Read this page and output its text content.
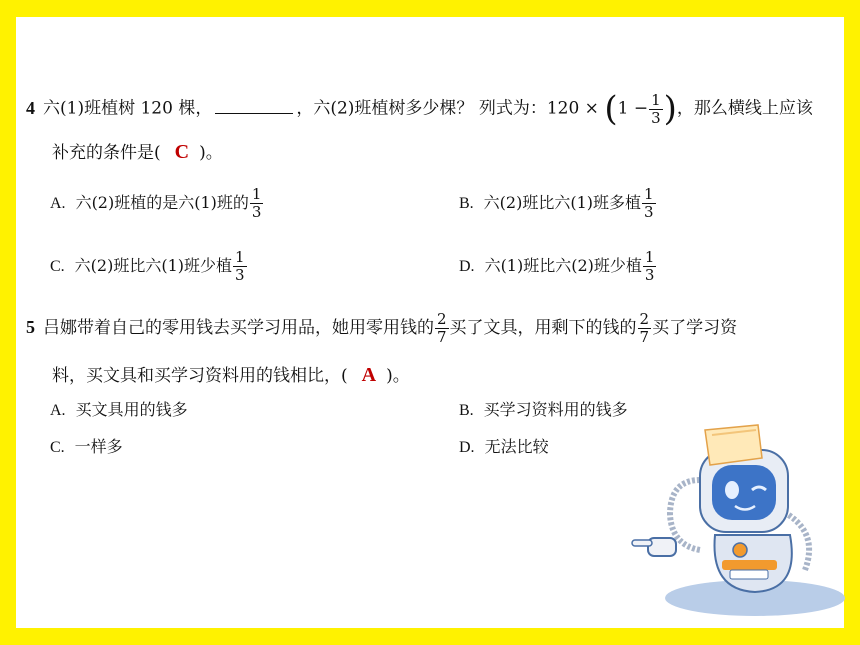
4 六(1)班植树 120 棵，	，六(2)班植树多少棵？ 列式为：$120 \times (1 - \frac{1}{3}$ )，那么横线上应该
补充的条件是( C )。
A. 六(2)班植的是六(1)班的 $\frac{1}{3}$	B. 六(2)班比六(1)班多植 $\frac{1}{3}$
C. 六(2)班比六(1)班少植 $\frac{1}{3}$	D. 六(1)班比六(2)班少植 $\frac{1}{3}$
5 吕娜带着自己的零用钱去买学习用品，她用零用钱的 $\frac{2}{7}$ 买了文具，用剩下的钱的 $\frac{2}{7}$ 买了学习资
料，买文具和买学习资料用的钱相比，( A )。
A. 买文具用的钱多	B. 买学习资料用的钱多
C. 一样多	D. 无法比较
